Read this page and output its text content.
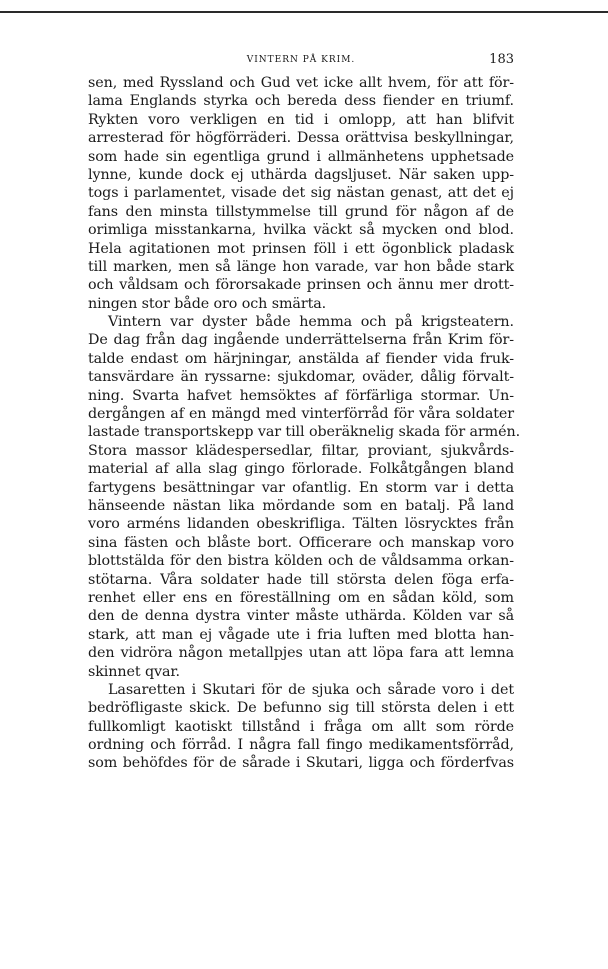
VINTERN PÅ KRIM.	183
sen, med Ryssland och Gud vet icke allt hvem, för att för-
lama Englands styrka och bereda dess fiender en triumf.
Rykten voro verkligen en tid i omlopp, att han blifvit
arresterad för högförräderi. Dessa orättvisa beskyllningar,
som hade sin egentliga grund i allmänhetens upphetsade
lynne, kunde dock ej uthärda dagsljuset. När saken upp-
togs i parlamentet, visade det sig nästan genast, att det ej
fans den minsta tillstymmelse till grund för någon af de
orimliga misstankarna, hvilka väckt så mycken ond blod.
Hela agitationen mot prinsen föll i ett ögonblick pladask
till marken, men så länge hon varade, var hon både stark
och våldsam och förorsakade prinsen och ännu mer drott-
ningen stor både oro och smärta.
Vintern var dyster både hemma och på krigsteatern.
De dag från dag ingående underrättelserna från Krim för-
talde endast om härjningar, anstälda af fiender vida fruk-
tansvärdare än ryssarne: sjukdomar, oväder, dålig förvalt-
ning. Svarta hafvet hemsöktes af förfärliga stormar. Un-
dergången af en mängd med vinterförråd för våra soldater
lastade transportskepp var till oberäknelig skada för armén.
Stora massor klädespersedlar, filtar, proviant, sjukvårds-
material af alla slag gingo förlorade. Folkåtgången bland
fartygens besättningar var ofantlig. En storm var i detta
hänseende nästan lika mördande som en batalj. På land
voro arméns lidanden obeskrifliga. Tälten lösrycktes från
sina fästen och blåste bort. Officerare och manskap voro
blottstälda för den bistra kölden och de våldsamma orkan-
stötarna. Våra soldater hade till största delen föga erfa-
renhet eller ens en föreställning om en sådan köld, som
den de denna dystra vinter måste uthärda. Kölden var så
stark, att man ej vågade ute i fria luften med blotta han-
den vidröra någon metallpjes utan att löpa fara att lemna
skinnet qvar.
Lasaretten i Skutari för de sjuka och sårade voro i det
bedröfligaste skick. De befunno sig till största delen i ett
fullkomligt kaotiskt tillstånd i fråga om allt som rörde
ordning och förråd. I några fall fingo medikamentsförråd,
som behöfdes för de sårade i Skutari, ligga och förderfvas
